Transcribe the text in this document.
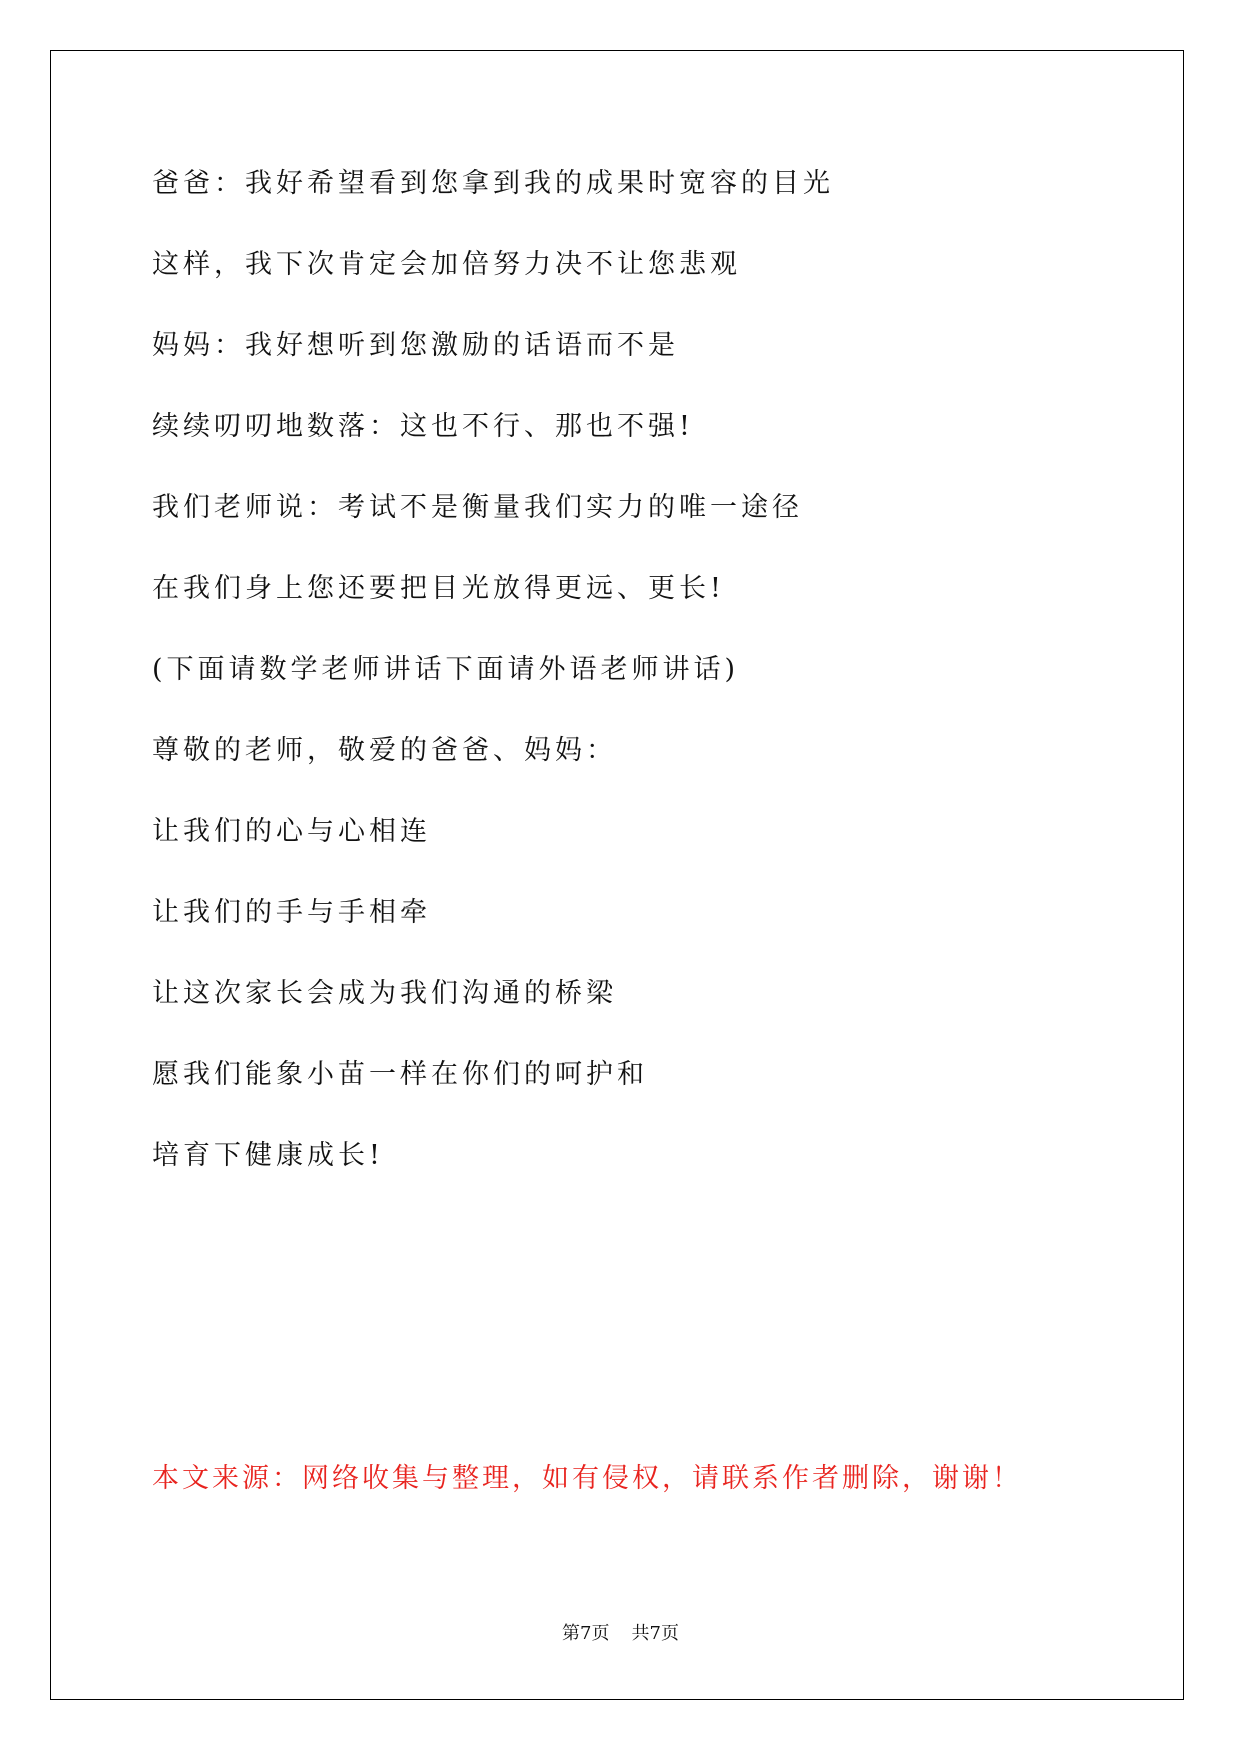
爸爸：我好希望看到您拿到我的成果时宽容的目光
这样，我下次肯定会加倍努力决不让您悲观
妈妈：我好想听到您激励的话语而不是
续续叨叨地数落：这也不行、那也不强!
我们老师说：考试不是衡量我们实力的唯一途径
在我们身上您还要把目光放得更远、更长!
(下面请数学老师讲话下面请外语老师讲话)
尊敬的老师，敬爱的爸爸、妈妈：
让我们的心与心相连
让我们的手与手相牵
让这次家长会成为我们沟通的桥梁
愿我们能象小苗一样在你们的呵护和
培育下健康成长!
本文来源：网络收集与整理，如有侵权，请联系作者删除，谢谢！
第7页 共7页
